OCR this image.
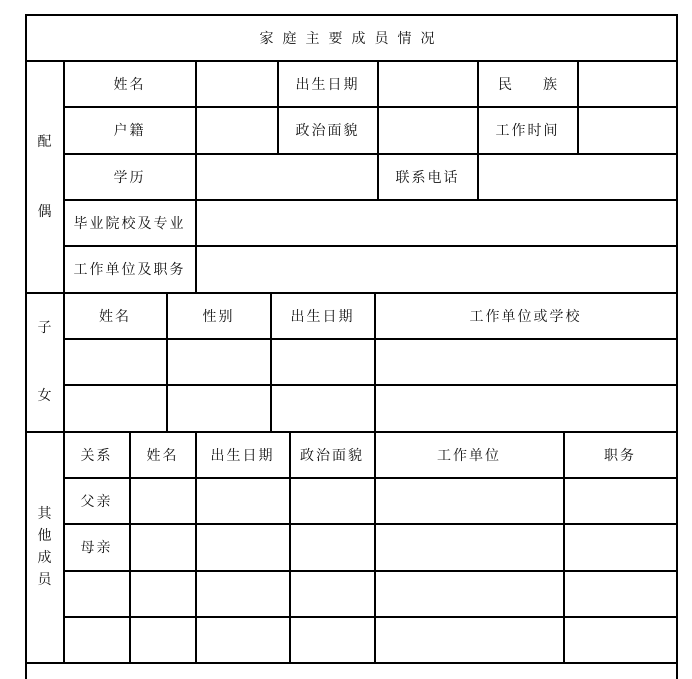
家庭主要成员情况
配
偶
姓名	出生日期	民 族
户籍	政治面貌	工作时间
学历	联系电话
毕业院校及专业
工作单位及职务
子
女
姓名	性别	出生日期	工作单位或学校
其
他
成
员
关系	姓名	出生日期	政治面貌	工作单位	职务
父亲
母亲
